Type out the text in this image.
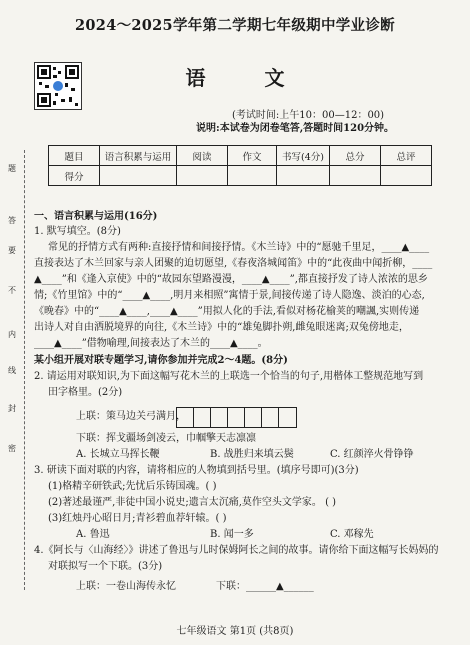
2024～2025学年第二学期七年级期中学业诊断
语 文
(考试时间:上午10：00—12：00)
说明:本试卷为闭卷笔答,答题时间120分钟。
题目	语言积累与运用	阅读	作文	书写(4分)	总分	总评
得分						
题
答
要
不
内
线
封
密
一、语言积累与运用(16分)
1. 默写填空。(8分)
常见的抒情方式有两种:直接抒情和间接抒情。《木兰诗》中的“愿驰千里足，____▲____
直接表达了木兰回家与亲人团聚的迫切愿望,《春夜洛城闻笛》中的“此夜曲中闻折柳，____
▲____”和《逢入京使》中的“故园东望路漫漫，____▲____”,都直接抒发了诗人浓浓的思乡
情;《竹里馆》中的“____▲____,明月来相照”寓情于景,间接传递了诗人隐逸、淡泊的心态,
《晚春》中的“____▲____,____▲____”用拟人化的手法,看似对杨花榆荚的嘲諷,实则传递
出诗人对自由洒脱境界的向往,《木兰诗》中的“雄兔脚扑朔,雌兔眼迷离;双兔傍地走，
____▲____”借物喻理,间接表达了木兰的____▲____。
某小组开展对联专题学习,请你参加并完成2～4题。(8分)
2. 请运用对联知识,为下面这幅写花木兰的上联选一个恰当的句子,用楷体工整规范地写到
田字格里。(2分)
上联：策马边关弓满月，
下联：挥戈疆场剑凌云，巾帼擎天志凛凛
A. 长城立马挥长鞭	B. 战胜归来填云鬓	C. 红颜淬火骨铮铮
3. 研读下面对联的内容，请将相应的人物填到括号里。(填序号即可)(3分)
(1)格精辛研铁武;先忧后乐铸国魂。( )
(2)著述最谨严,非徒中国小说史;遗言太沉痛,莫作空头文学家。 ( )
(3)红烛丹心昭日月;青衫碧血荐轩辕。( )
A. 鲁迅	B. 闻一多	C. 邓稼先
4.《阿长与〈山海经〉》讲述了鲁迅与儿时保姆阿长之间的故事。请你给下面这幅写长妈妈的
对联拟写一个下联。(3分)
上联：一卷山海传永忆	下联：______▲______
七年级语文 第1页 (共8页)
